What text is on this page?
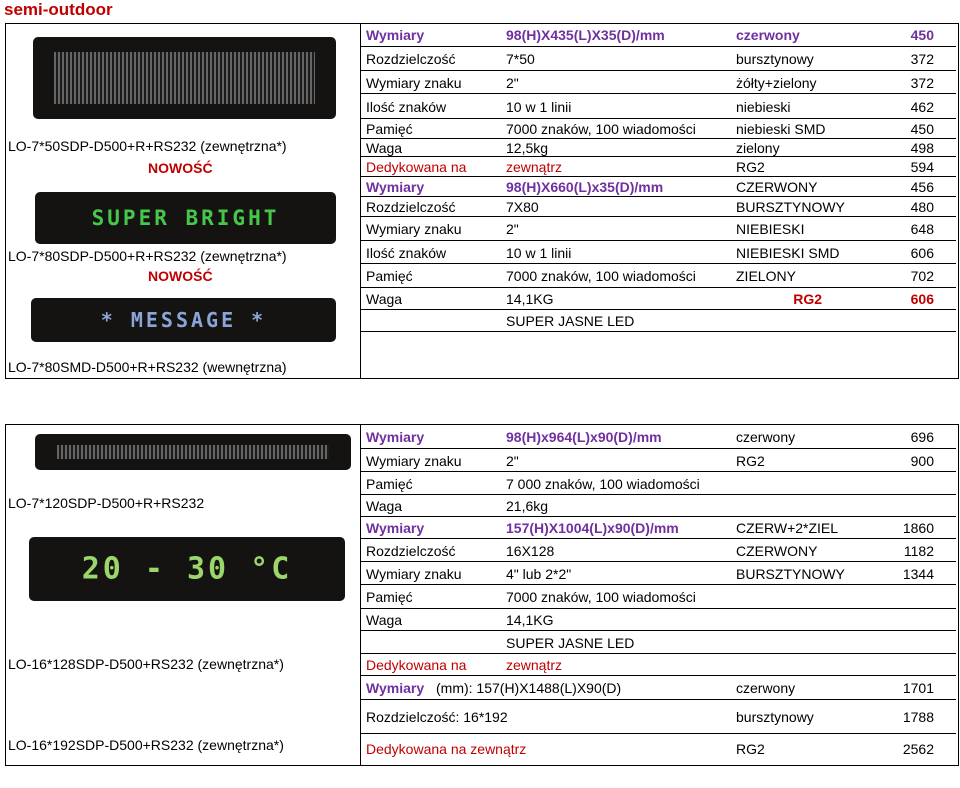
semi-outdoor
SUPER BRIGHT
* MESSAGE *
LO-7*50SDP-D500+R+RS232 (zewnętrzna*)
NOWOŚĆ
LO-7*80SDP-D500+R+RS232 (zewnętrzna*)
NOWOŚĆ
LO-7*80SMD-D500+R+RS232 (wewnętrzna)
Wymiary	98(H)X435(L)X35(D)/mm	czerwony	450
Rozdzielczość	7*50	bursztynowy	372
Wymiary znaku	2"	żółty+zielony	372
Ilość znaków	10 w 1 linii	niebieski	462
Pamięć	7000 znaków, 100 wiadomości	niebieski SMD	450
Waga	12,5kg	zielony	498
Dedykowana na	zewnątrz	RG2	594
Wymiary	98(H)X660(L)x35(D)/mm	CZERWONY	456
Rozdzielczość	7X80	BURSZTYNOWY	480
Wymiary znaku	2"	NIEBIESKI	648
Ilość znaków	10 w 1 linii	NIEBIESKI SMD	606
Pamięć	7000 znaków, 100 wiadomości	ZIELONY	702
Waga	14,1KG	RG2	606
SUPER JASNE LED
20 - 30 °C
LO-7*120SDP-D500+R+RS232
LO-16*128SDP-D500+RS232 (zewnętrzna*)
LO-16*192SDP-D500+RS232 (zewnętrzna*)
Wymiary	98(H)x964(L)x90(D)/mm	czerwony	696
Wymiary znaku	2"	RG2	900
Pamięć	7 000 znaków, 100 wiadomości
Waga	21,6kg
Wymiary	157(H)X1004(L)x90(D)/mm	CZERW+2*ZIEL	1860
Rozdzielczość	16X128	CZERWONY	1182
Wymiary znaku	4" lub 2*2"	BURSZTYNOWY	1344
Pamięć	7000 znaków, 100 wiadomości
Waga	14,1KG
SUPER JASNE LED
Dedykowana na	zewnątrz
Wymiary (mm): 157(H)X1488(L)X90(D)	czerwony	1701
Rozdzielczość: 16*192	bursztynowy	1788
Dedykowana na zewnątrz	RG2	2562
